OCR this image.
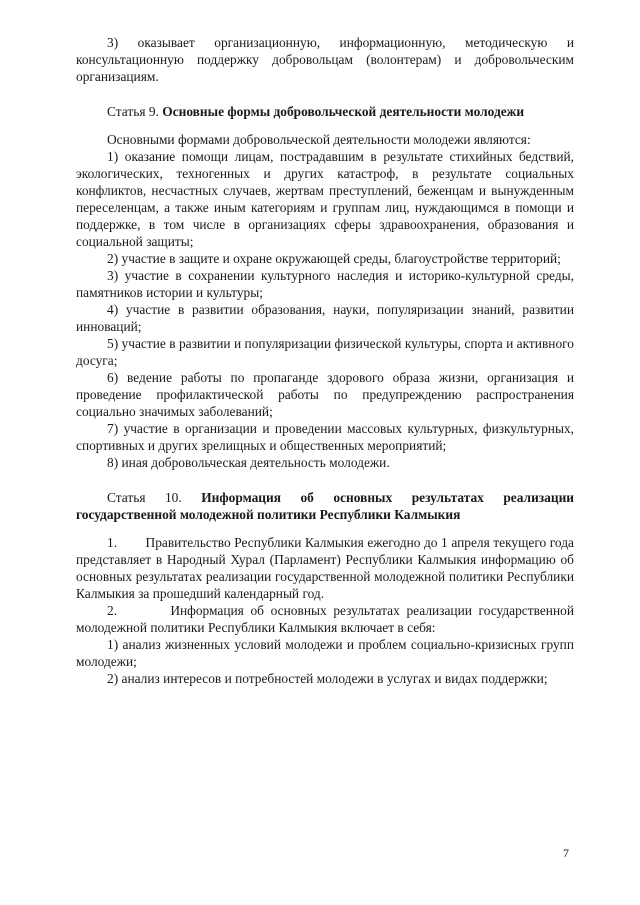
3) оказывает организационную, информационную, методическую и консультационную поддержку добровольцам (волонтерам) и добровольческим организациям.

Статья 9. Основные формы добровольческой деятельности молодежи

Основными формами добровольческой деятельности молодежи являются:

1) оказание помощи лицам, пострадавшим в результате стихийных бедствий, экологических, техногенных и других катастроф, в результате социальных конфликтов, несчастных случаев, жертвам преступлений, беженцам и вынужденным переселенцам, а также иным категориям и группам лиц, нуждающимся в помощи и поддержке, в том числе в организациях сферы здравоохранения, образования и социальной защиты;

2) участие в защите и охране окружающей среды, благоустройстве территорий;

3) участие в сохранении культурного наследия и историко-культурной среды, памятников истории и культуры;

4) участие в развитии образования, науки, популяризации знаний, развитии инноваций;

5) участие в развитии и популяризации физической культуры, спорта и активного досуга;

6) ведение работы по пропаганде здорового образа жизни, организация и проведение профилактической работы по предупреждению распространения социально значимых заболеваний;

7) участие в организации и проведении массовых культурных, физкультурных, спортивных и других зрелищных и общественных мероприятий;

8) иная добровольческая деятельность молодежи.

Статья 10. Информация об основных результатах реализации государственной молодежной политики Республики Калмыкия

1.        Правительство Республики Калмыкия ежегодно до 1 апреля текущего года представляет в Народный Хурал (Парламент) Республики Калмыкия информацию об основных результатах реализации государственной молодежной политики Республики Калмыкия за прошедший календарный год.

2.        Информация об основных результатах реализации государственной молодежной политики Республики Калмыкия включает в себя:

1) анализ жизненных условий молодежи и проблем социально-кризисных групп молодежи;

2) анализ интересов и потребностей молодежи в услугах и видах поддержки;

7
